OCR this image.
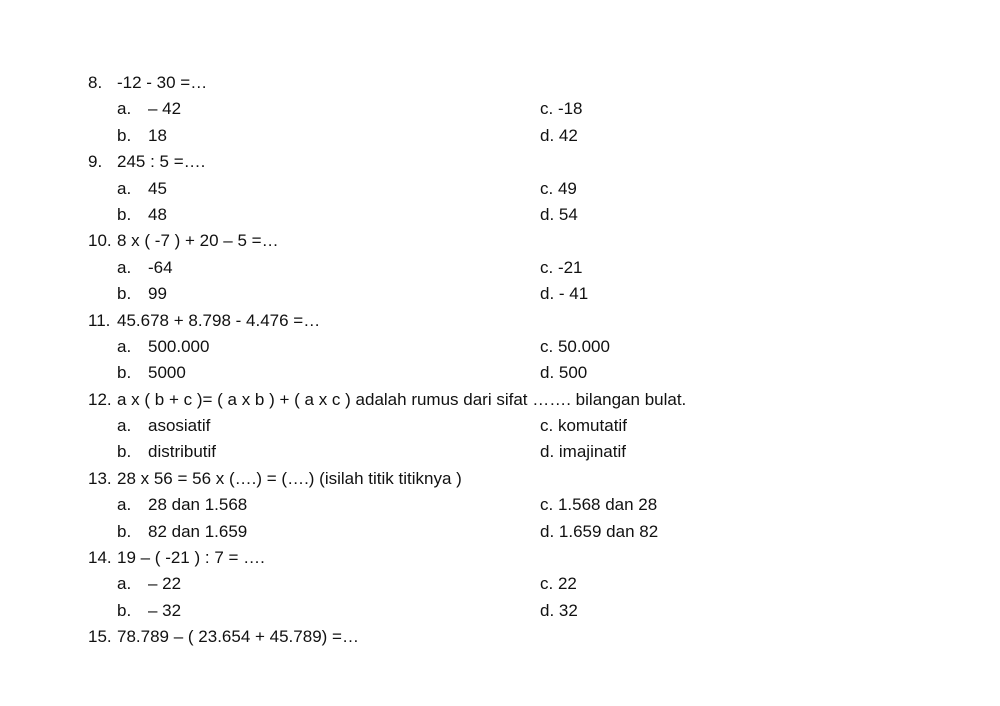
8. -12 - 30 =…
a. – 42	c. -18
b. 18	d. 42
9. 245 : 5 =….
a. 45	c. 49
b. 48	d. 54
10. 8 x ( -7 ) + 20 – 5 =…
a. -64	c. -21
b. 99	d. - 41
11. 45.678 + 8.798 - 4.476 =…
a. 500.000	c. 50.000
b. 5000	d. 500
12. a x ( b + c )= ( a x b ) + ( a x c ) adalah rumus dari sifat ……. bilangan bulat.
a. asosiatif	c. komutatif
b. distributif	d. imajinatif
13. 28 x 56 = 56 x (….) = (….) (isilah titik titiknya )
a. 28 dan 1.568	c. 1.568 dan 28
b. 82 dan 1.659	d. 1.659 dan 82
14. 19 – ( -21 ) : 7 = ….
a. – 22	c. 22
b. – 32	d. 32
15. 78.789 – ( 23.654 + 45.789) =…
